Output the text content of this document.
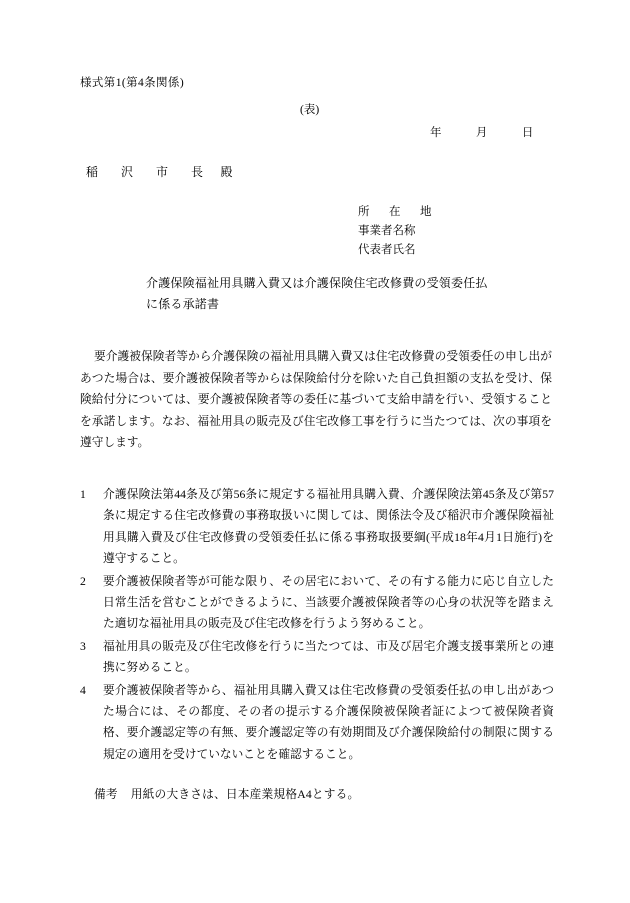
様式第1(第4条関係)
(表)
年	月	日
稲　沢　市　長 殿
所　在　地
事業者名称
代表者氏名
介護保険福祉用具購入費又は介護保険住宅改修費の受領委任払
に係る承諾書
要介護被保険者等から介護保険の福祉用具購入費又は住宅改修費の受領委任の申し出があつた場合は、要介護被保険者等からは保険給付分を除いた自己負担額の支払を受け、保険給付分については、要介護被保険者等の委任に基づいて支給申請を行い、受領することを承諾します。なお、福祉用具の販売及び住宅改修工事を行うに当たつては、次の事項を遵守します。
1	介護保険法第44条及び第56条に規定する福祉用具購入費、介護保険法第45条及び第57条に規定する住宅改修費の事務取扱いに関しては、関係法令及び稲沢市介護保険福祉用具購入費及び住宅改修費の受領委任払に係る事務取扱要綱(平成18年4月1日施行)を遵守すること。
2	要介護被保険者等が可能な限り、その居宅において、その有する能力に応じ自立した日常生活を営むことができるように、当該要介護被保険者等の心身の状況等を踏まえた適切な福祉用具の販売及び住宅改修を行うよう努めること。
3	福祉用具の販売及び住宅改修を行うに当たつては、市及び居宅介護支援事業所との連携に努めること。
4	要介護被保険者等から、福祉用具購入費又は住宅改修費の受領委任払の申し出があつた場合には、その都度、その者の提示する介護保険被保険者証によつて被保険者資格、要介護認定等の有無、要介護認定等の有効期間及び介護保険給付の制限に関する規定の適用を受けていないことを確認すること。
備考 用紙の大きさは、日本産業規格A4とする。
